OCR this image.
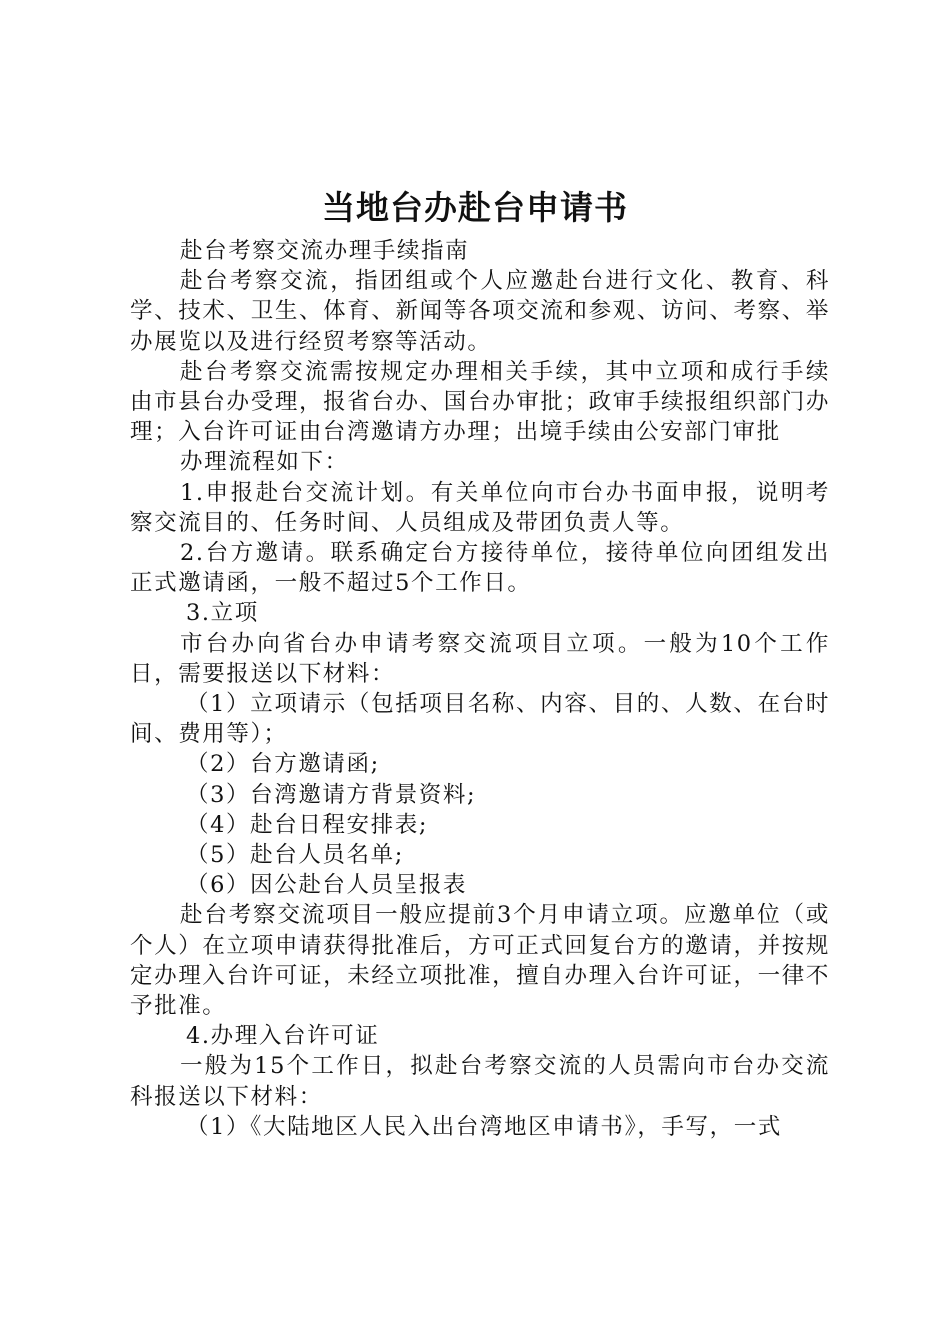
当地台办赴台申请书

赴台考察交流办理手续指南

赴台考察交流，指团组或个人应邀赴台进行文化、教育、科学、技术、卫生、体育、新闻等各项交流和参观、访问、考察、举办展览以及进行经贸考察等活动。

赴台考察交流需按规定办理相关手续，其中立项和成行手续由市县台办受理，报省台办、国台办审批；政审手续报组织部门办理；入台许可证由台湾邀请方办理；出境手续由公安部门审批

办理流程如下：

1.申报赴台交流计划。有关单位向市台办书面申报，说明考察交流目的、任务时间、人员组成及带团负责人等。

2.台方邀请。联系确定台方接待单位，接待单位向团组发出正式邀请函，一般不超过5个工作日。

3.立项

市台办向省台办申请考察交流项目立项。一般为10个工作日，需要报送以下材料：

（1）立项请示（包括项目名称、内容、目的、人数、在台时间、费用等）；

（2）台方邀请函;

（3）台湾邀请方背景资料;

（4）赴台日程安排表;

（5）赴台人员名单;

（6）因公赴台人员呈报表

赴台考察交流项目一般应提前3个月申请立项。应邀单位（或个人）在立项申请获得批准后，方可正式回复台方的邀请，并按规定办理入台许可证，未经立项批准，擅自办理入台许可证，一律不予批准。

4.办理入台许可证

一般为15个工作日，拟赴台考察交流的人员需向市台办交流科报送以下材料：

（1）《大陆地区人民入出台湾地区申请书》，手写，一式
